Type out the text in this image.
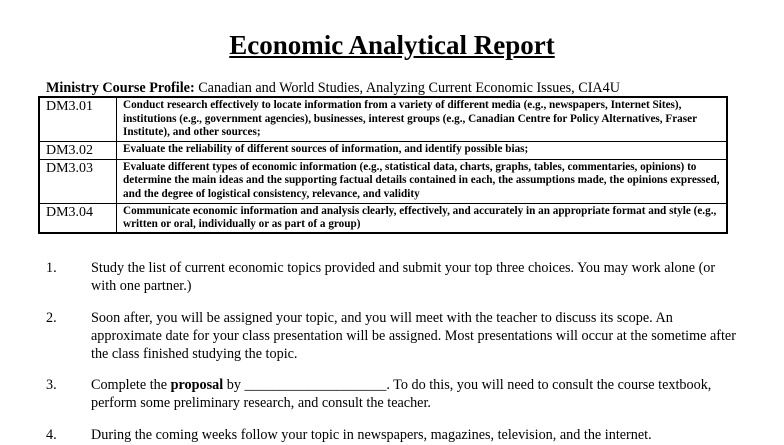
Economic Analytical Report
Ministry Course Profile: Canadian and World Studies, Analyzing Current Economic Issues, CIA4U
DM3.01	Conduct research effectively to locate information from a variety of different media (e.g., newspapers, Internet Sites), institutions (e.g., government agencies), businesses, interest groups (e.g., Canadian Centre for Policy Alternatives, Fraser Institute), and other sources;
DM3.02	Evaluate the reliability of different sources of information, and identify possible bias;
DM3.03	Evaluate different types of economic information (e.g., statistical data, charts, graphs, tables, commentaries, opinions) to determine the main ideas and the supporting factual details contained in each, the assumptions made, the opinions expressed, and the degree of logistical consistency, relevance, and validity
DM3.04	Communicate economic information and analysis clearly, effectively, and accurately in an appropriate format and style (e.g., written or oral, individually or as part of a group)
1. Study the list of current economic topics provided and submit your top three choices. You may work alone (or with one partner.)
2. Soon after, you will be assigned your topic, and you will meet with the teacher to discuss its scope. An approximate date for your class presentation will be assigned. Most presentations will occur at the sometime after the class finished studying the topic.
3. Complete the proposal by ____________________. To do this, you will need to consult the course textbook, perform some preliminary research, and consult the teacher.
4. During the coming weeks follow your topic in newspapers, magazines, television, and the internet.
